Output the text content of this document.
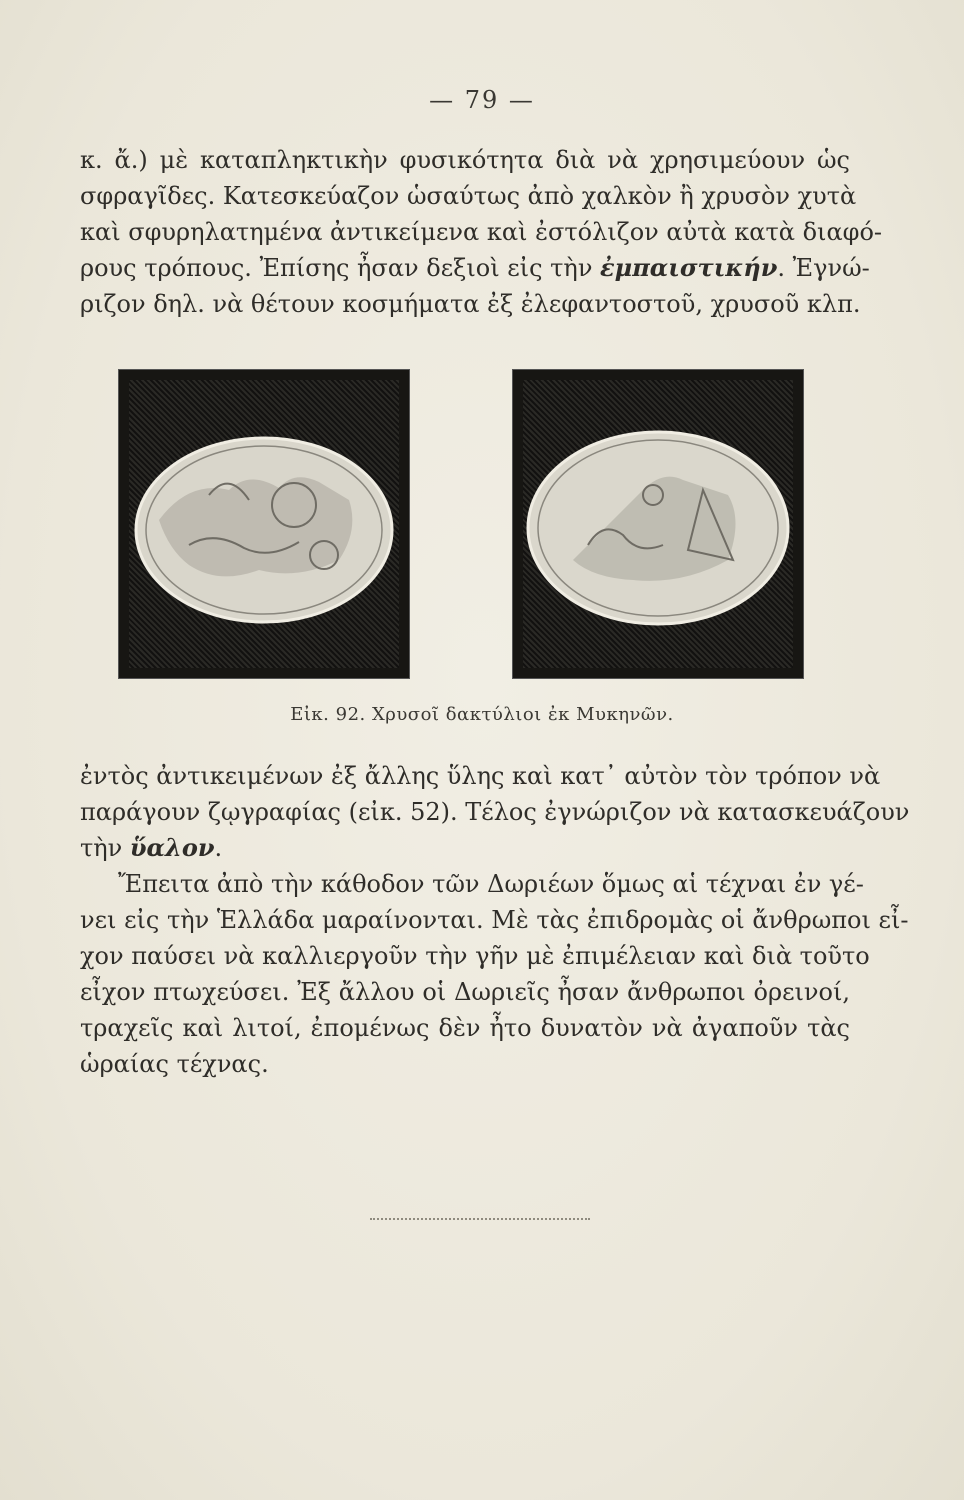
— 79 —
κ. ἄ.) μὲ καταπληκτικὴν φυσικότητα διὰ νὰ χρησιμεύουν ὡς
σφραγῖδες. Κατεσκεύαζον ὡσαύτως ἀπὸ χαλκὸν ἢ χρυσὸν χυτὰ
καὶ σφυρηλατημένα ἀντικείμενα καὶ ἐστόλιζον αὐτὰ κατὰ διαφό-
ρους τρόπους. Ἐπίσης ἦσαν δεξιοὶ εἰς τὴν ἐμπαιστικήν. Ἐγνώ-
ριζον δηλ. νὰ θέτουν κοσμήματα ἐξ ἐλεφαντοστοῦ, χρυσοῦ κλπ.
Εἰκ. 92. Χρυσοῖ δακτύλιοι ἐκ Μυκηνῶν.

ἐντὸς ἀντικειμένων ἐξ ἄλλης ὕλης καὶ κατ᾿ αὐτὸν τὸν τρόπον νὰ
παράγουν ζῳγραφίας (εἰκ. 52). Τέλος ἐγνώριζον νὰ κατασκευάζουν
τὴν ὕαλον.

Ἔπειτα ἀπὸ τὴν κάθοδον τῶν Δωριέων ὅμως αἱ τέχναι ἐν γέ-
νει εἰς τὴν Ἑλλάδα μαραίνονται. Μὲ τὰς ἐπιδρομὰς οἱ ἄνθρωποι εἶ-
χον παύσει νὰ καλλιεργοῦν τὴν γῆν μὲ ἐπιμέλειαν καὶ διὰ τοῦτο
εἶχον πτωχεύσει. Ἐξ ἄλλου οἱ Δωριεῖς ἦσαν ἄνθρωποι ὀρεινοί,
τραχεῖς καὶ λιτοί, ἐπομένως δὲν ἦτο δυνατὸν νὰ ἀγαποῦν τὰς
ὡραίας τέχνας.
